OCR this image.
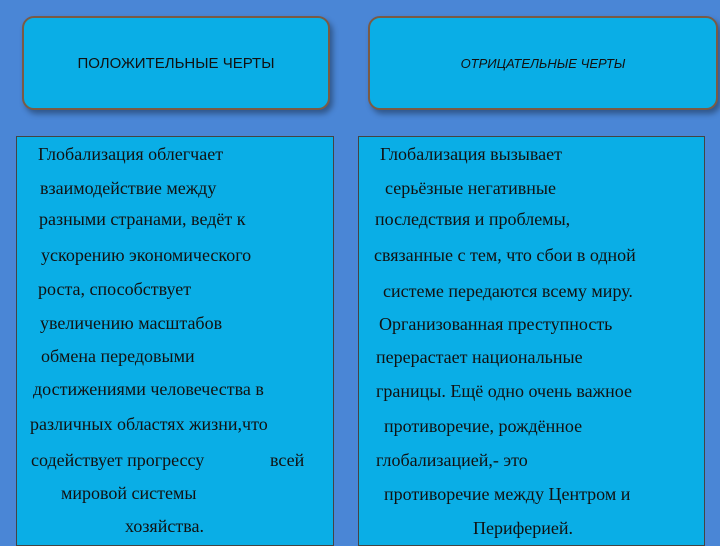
ПОЛОЖИТЕЛЬНЫЕ ЧЕРТЫ	ОТРИЦАТЕЛЬНЫЕ ЧЕРТЫ
Глобализация облегчает
взаимодействие между
разными странами, ведёт к
ускорению экономического
роста, способствует
увеличению масштабов
обмена передовыми
достижениями человечества в
различных областях жизни,что
содействует прогрессу	всей
мировой системы
хозяйства.
Глобализация вызывает
серьёзные негативные
последствия и проблемы,
связанные с тем, что сбои в одной
системе передаются всему миру.
Организованная преступность
перерастает национальные
границы. Ещё одно очень важное
противоречие, рождённое
глобализацией,- это
противоречие между Центром и
Периферией.
